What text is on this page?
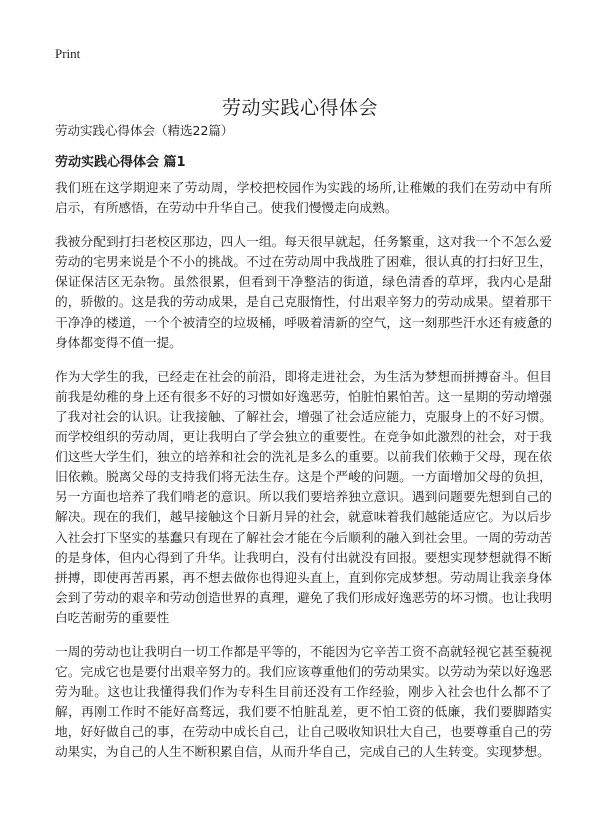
Print
劳动实践心得体会
劳动实践心得体会（精选22篇）
劳动实践心得体会 篇1

我们班在这学期迎来了劳动周，学校把校园作为实践的场所,让稚嫩的我们在劳动中有所启示，有所感悟，在劳动中升华自己。使我们慢慢走向成熟。

我被分配到打扫老校区那边，四人一组。每天很早就起，任务繁重，这对我一个不怎么爱劳动的宅男来说是个不小的挑战。不过在劳动周中我战胜了困难，很认真的打扫好卫生，保证保洁区无杂物。虽然很累，但看到干净整洁的街道，绿色清香的草坪，我内心是甜的，骄傲的。这是我的劳动成果，是自己克服惰性，付出艰辛努力的劳动成果。望着那干干净净的楼道，一个个被清空的垃圾桶，呼吸着清新的空气，这一刻那些汗水还有疲惫的身体都变得不值一提。

作为大学生的我，已经走在社会的前沿，即将走进社会，为生活为梦想而拼搏奋斗。但目前我是幼稚的身上还有很多不好的习惯如好逸恶劳，怕脏怕累怕苦。这一星期的劳动增强了我对社会的认识。让我接触、了解社会，增强了社会适应能力，克服身上的不好习惯。而学校组织的劳动周，更让我明白了学会独立的重要性。在竞争如此激烈的社会，对于我们这些大学生们，独立的培养和社会的洗礼是多么的重要。以前我们依赖于父母，现在依旧依赖。脱离父母的支持我们将无法生存。这是个严峻的问题。一方面增加父母的负担，另一方面也培养了我们啃老的意识。所以我们要培养独立意识。遇到问题要先想到自己的解决。现在的我们，越早接触这个日新月异的社会，就意味着我们越能适应它。为以后步入社会打下坚实的基蠢只有现在了解社会才能在今后顺利的融入到社会里。一周的劳动苦的是身体，但内心得到了升华。让我明白，没有付出就没有回报。要想实现梦想就得不断拼搏，即使再苦再累，再不想去做你也得迎头直上，直到你完成梦想。劳动周让我亲身体会到了劳动的艰辛和劳动创造世界的真理，避免了我们形成好逸恶劳的坏习惯。也让我明白吃苦耐劳的重要性

一周的劳动也让我明白一切工作都是平等的，不能因为它辛苦工资不高就轻视它甚至藐视它。完成它也是要付出艰辛努力的。我们应该尊重他们的劳动果实。以劳动为荣以好逸恶劳为耻。这也让我懂得我们作为专科生目前还没有工作经验，刚步入社会也什么都不了解，再刚工作时不能好高骛远，我们要不怕脏乱差，更不怕工资的低廉，我们要脚踏实地，好好做自己的事，在劳动中成长自己，让自己吸收知识壮大自己，也要尊重自己的劳动果实，为自己的人生不断积累自信，从而升华自己，完成自己的人生转变。实现梦想。
